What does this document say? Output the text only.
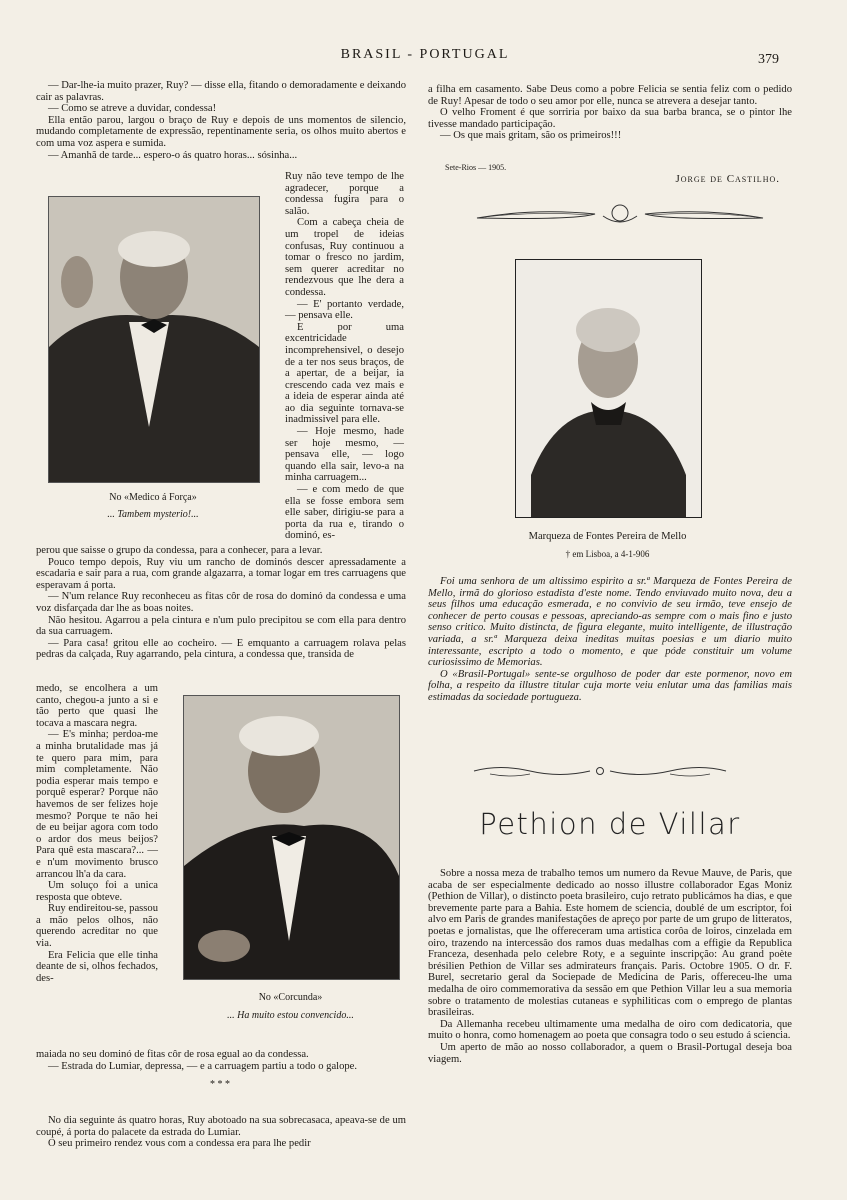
BRASIL - PORTUGAL	379

— Dar-lhe-ia muito prazer, Ruy? — disse ella, fitando o demoradamente e deixando cair as palavras.

— Como se atreve a duvidar, condessa!

Ella então parou, largou o braço de Ruy e depois de uns momentos de silencio, mudando completamente de expressão, repentinamente seria, os olhos muito abertos e com uma voz aspera e sumida.

— Amanhã de tarde... espero-o ás quatro horas... sósinha...

No «Medico á Força»
... Tambem mysterio!...

Ruy não teve tempo de lhe agradecer, porque a condessa fugira para o salão.

Com a cabeça cheia de um tropel de ideias confusas, Ruy continuou a tomar o fresco no jardim, sem querer acreditar no rendezvous que lhe dera a condessa.

— E' portanto verdade, — pensava elle.

E por uma excentricidade incomprehensivel, o desejo de a ter nos seus braços, de a apertar, de a beijar, ia crescendo cada vez mais e a ideia de esperar ainda até ao dia seguinte tornava-se inadmissivel para elle.

— Hoje mesmo, hade ser hoje mesmo, — pensava elle, — logo quando ella sair, levo-a na minha carruagem...

— e com medo de que ella se fosse embora sem elle saber, dirigiu-se para a porta da rua e, tirando o dominó, es-

perou que saisse o grupo da condessa, para a conhecer, para a levar.

Pouco tempo depois, Ruy viu um rancho de dominós descer apressadamente a escadaria e sair para a rua, com grande algazarra, a tomar logar em tres carruagens que esperavam á porta.

— N'um relance Ruy reconheceu as fitas côr de rosa do dominó da condessa e uma voz disfarçada dar lhe as boas noites.

Não hesitou. Agarrou a pela cintura e n'um pulo precipitou se com ella para dentro da sua carruagem.

— Para casa! gritou elle ao cocheiro. — E emquanto a carruagem rolava pelas pedras da calçada, Ruy agarrando, pela cintura, a condessa que, transida de

medo, se encolhera a um canto, chegou-a junto a si e tão perto que quasi lhe tocava a mascara negra.

— E's minha; perdoa-me a minha brutalidade mas já te quero para mim, para mim completamente. Não podia esperar mais tempo e porquê esperar? Porque não havemos de ser felizes hoje mesmo? Porque te não hei de eu beijar agora com todo o ardor dos meus beijos? Para quê esta mascara?... — e n'um movimento brusco arrancou lh'a da cara.

Um soluço foi a unica resposta que obteve.

Ruy endireitou-se, passou a mão pelos olhos, não querendo acreditar no que via.

Era Felicia que elle tinha deante de si, olhos fechados, des-

No «Corcunda»
... Ha muito estou convencido...

maiada no seu dominó de fitas côr de rosa egual ao da condessa.

— Estrada do Lumiar, depressa, — e a carruagem partiu a todo o galope.

* * *

No dia seguinte ás quatro horas, Ruy abotoado na sua sobrecasaca, apeava-se de um coupé, á porta do palacete da estrada do Lumiar.

O seu primeiro rendez vous com a condessa era para lhe pedir

a filha em casamento. Sabe Deus como a pobre Felicia se sentia feliz com o pedido de Ruy! Apesar de todo o seu amor por elle, nunca se atrevera a desejar tanto.

O velho Froment é que sorriria por baixo da sua barba branca, se o pintor lhe tivesse mandado participação.

— Os que mais gritam, são os primeiros!!!

Sete-Rios — 1905.
Jorge de Castilho.
Marqueza de Fontes Pereira de Mello
† em Lisboa, a 4-1-906

Foi uma senhora de um altissimo espirito a sr.ª Marqueza de Fontes Pereira de Mello, irmã do glorioso estadista d'este nome. Tendo enviuvado muito nova, deu a seus filhos uma educação esmerada, e no convivio de seu irmão, teve ensejo de conhecer de perto cousas e pessoas, apreciando-as sempre com o mais fino e justo senso critico. Muito distincta, de figura elegante, muito intelligente, de illustração variada, a sr.ª Marqueza deixa ineditas muitas poesias e um diario muito interessante, escripto a todo o momento, e que póde constituir um volume curiosissimo de Memorias.

O «Brasil-Portugal» sente-se orgulhoso de poder dar este pormenor, novo em folha, a respeito da illustre titular cuja morte veiu enlutar uma das familias mais estimadas da sociedade portugueza.

Pethion de Villar

Sobre a nossa meza de trabalho temos um numero da Revue Mauve, de Paris, que acaba de ser especialmente dedicado ao nosso illustre collaborador Egas Moniz (Pethion de Villar), o distincto poeta brasileiro, cujo retrato publicámos ha dias, e que brevemente parte para a Bahia. Este homem de sciencia, doublé de um escriptor, foi alvo em Paris de grandes manifestações de apreço por parte de um grupo de litteratos, poetas e jornalistas, que lhe offereceram uma artistica corôa de loiros, cinzelada em oiro, trazendo na intercessão dos ramos duas medalhas com a effigie da Republica Franceza, desenhada pelo celebre Roty, e a seguinte inscripção: Au grand poète brésilien Pethion de Villar ses admirateurs français. Paris. Octobre 1905. O dr. F. Burel, secretario geral da Sociepade de Medicina de Paris, offereceu-lhe uma medalha de oiro commemorativa da sessão em que Pethion Villar leu a sua memoria sobre o tratamento de molestias cutaneas e syphiliticas com o emprego de plantas brasileiras.

Da Allemanha recebeu ultimamente uma medalha de oiro com dedicatoria, que muito o honra, como homenagem ao poeta que consagra todo o seu estudo á sciencia.

Um aperto de mão ao nosso collaborador, a quem o Brasil-Portugal deseja boa viagem.
